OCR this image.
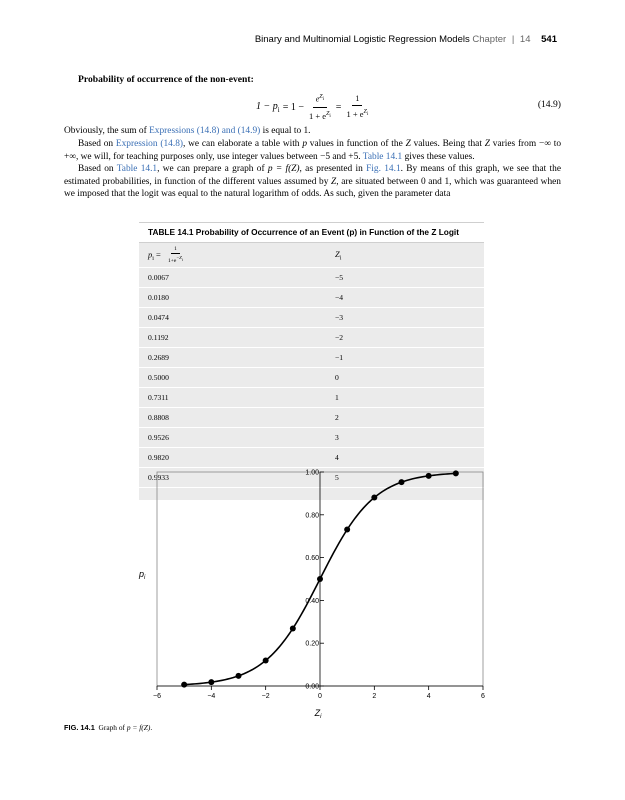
Binary and Multinomial Logistic Regression Models Chapter | 14 541
Probability of occurrence of the non-event:
$1 - p_i = 1 - \frac{e^{Z_i}}{1 + e^{Z_i}} = \frac{1}{1 + e^{Z_i}}$	(14.9)
Obviously, the sum of Expressions (14.8) and (14.9) is equal to 1.
Based on Expression (14.8), we can elaborate a table with p values in function of the Z values. Being that Z varies from −∞ to +∞, we will, for teaching purposes only, use integer values between −5 and +5. Table 14.1 gives these values.
Based on Table 14.1, we can prepare a graph of p = f(Z), as presented in Fig. 14.1. By means of this graph, we see that the estimated probabilities, in function of the different values assumed by Z, are situated between 0 and 1, which was guaranteed when we imposed that the logit was equal to the natural logarithm of odds. As such, given the parameter data
TABLE 14.1 Probability of Occurrence of an Event (p) in Function of the Z Logit
$p_i = \frac{1}{1+e^{-Z_i}}$	$Z_i$
0.0067	−5
0.0180	−4
0.0474	−3
0.1192	−2
0.2689	−1
0.5000	0
0.7311	1
0.8808	2
0.9526	3
0.9820	4
0.9933	5
−6	−4	−2	0	2	4	6
0.00
0.20
0.40
0.60
0.80
1.00
$Z_i$
$p_i$
FIG. 14.1 Graph of p = f(Z).
